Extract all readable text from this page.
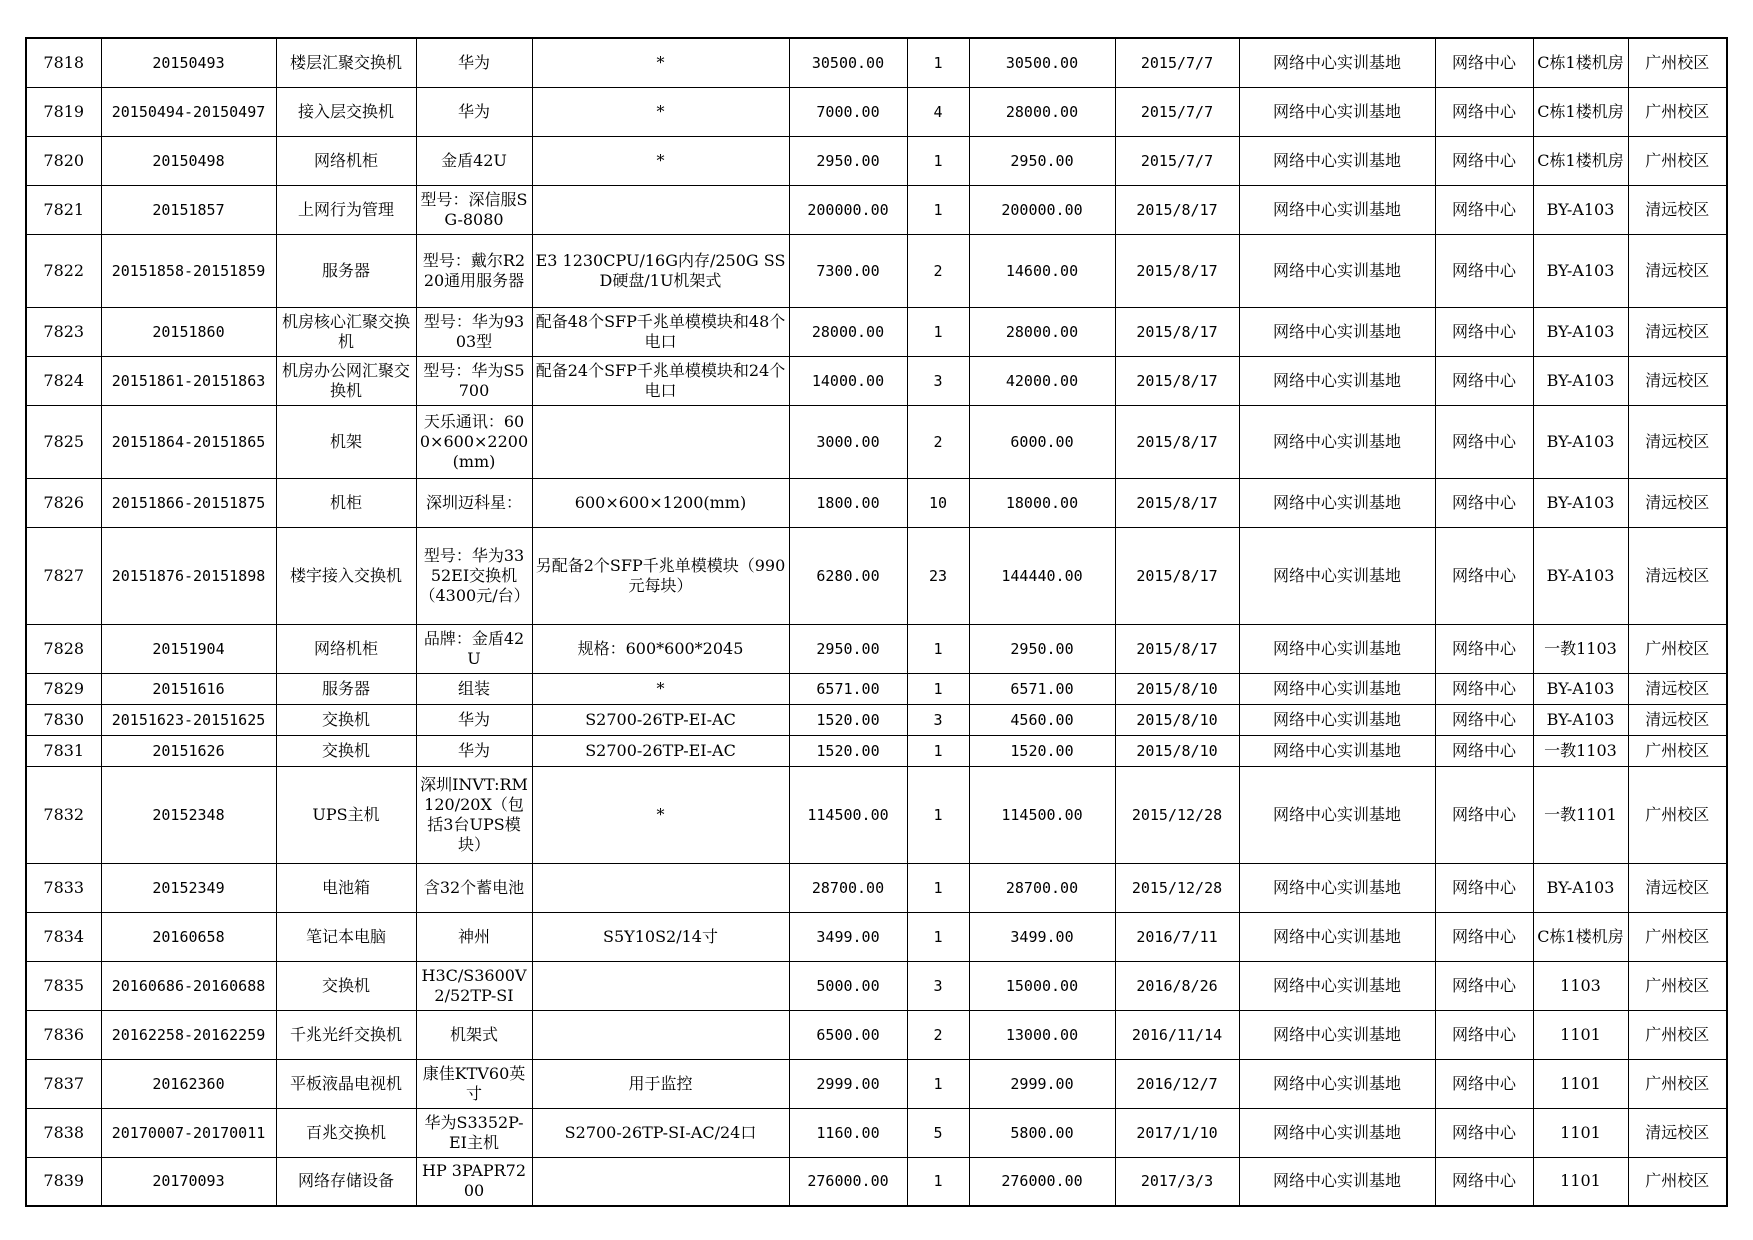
7818	20150493	楼层汇聚交换机	华为	*	30500.00	1	30500.00	2015/7/7	网络中心实训基地	网络中心	C栋1楼机房	广州校区
7819	20150494-20150497	接入层交换机	华为	*	7000.00	4	28000.00	2015/7/7	网络中心实训基地	网络中心	C栋1楼机房	广州校区
7820	20150498	网络机柜	金盾42U	*	2950.00	1	2950.00	2015/7/7	网络中心实训基地	网络中心	C栋1楼机房	广州校区
7821	20151857	上网行为管理	型号：深信服SG-8080		200000.00	1	200000.00	2015/8/17	网络中心实训基地	网络中心	BY-A103	清远校区
7822	20151858-20151859	服务器	型号：戴尔R220通用服务器	E3 1230CPU/16G内存/250G SSD硬盘/1U机架式	7300.00	2	14600.00	2015/8/17	网络中心实训基地	网络中心	BY-A103	清远校区
7823	20151860	机房核心汇聚交换机	型号：华为9303型	配备48个SFP千兆单模模块和48个电口	28000.00	1	28000.00	2015/8/17	网络中心实训基地	网络中心	BY-A103	清远校区
7824	20151861-20151863	机房办公网汇聚交换机	型号：华为S5700	配备24个SFP千兆单模模块和24个电口	14000.00	3	42000.00	2015/8/17	网络中心实训基地	网络中心	BY-A103	清远校区
7825	20151864-20151865	机架	天乐通讯：600×600×2200(mm)		3000.00	2	6000.00	2015/8/17	网络中心实训基地	网络中心	BY-A103	清远校区
7826	20151866-20151875	机柜	深圳迈科星：	600×600×1200(mm)	1800.00	10	18000.00	2015/8/17	网络中心实训基地	网络中心	BY-A103	清远校区
7827	20151876-20151898	楼宇接入交换机	型号：华为3352EI交换机（4300元/台）	另配备2个SFP千兆单模模块（990元每块）	6280.00	23	144440.00	2015/8/17	网络中心实训基地	网络中心	BY-A103	清远校区
7828	20151904	网络机柜	品牌：金盾42U	规格：600*600*2045	2950.00	1	2950.00	2015/8/17	网络中心实训基地	网络中心	一教1103	广州校区
7829	20151616	服务器	组装	*	6571.00	1	6571.00	2015/8/10	网络中心实训基地	网络中心	BY-A103	清远校区
7830	20151623-20151625	交换机	华为	S2700-26TP-EI-AC	1520.00	3	4560.00	2015/8/10	网络中心实训基地	网络中心	BY-A103	清远校区
7831	20151626	交换机	华为	S2700-26TP-EI-AC	1520.00	1	1520.00	2015/8/10	网络中心实训基地	网络中心	一教1103	广州校区
7832	20152348	UPS主机	深圳INVT:RM120/20X（包括3台UPS模块）	*	114500.00	1	114500.00	2015/12/28	网络中心实训基地	网络中心	一教1101	广州校区
7833	20152349	电池箱	含32个蓄电池		28700.00	1	28700.00	2015/12/28	网络中心实训基地	网络中心	BY-A103	清远校区
7834	20160658	笔记本电脑	神州	S5Y10S2/14寸	3499.00	1	3499.00	2016/7/11	网络中心实训基地	网络中心	C栋1楼机房	广州校区
7835	20160686-20160688	交换机	H3C/S3600V2/52TP-SI		5000.00	3	15000.00	2016/8/26	网络中心实训基地	网络中心	1103	广州校区
7836	20162258-20162259	千兆光纤交换机	机架式		6500.00	2	13000.00	2016/11/14	网络中心实训基地	网络中心	1101	广州校区
7837	20162360	平板液晶电视机	康佳KTV60英寸	用于监控	2999.00	1	2999.00	2016/12/7	网络中心实训基地	网络中心	1101	广州校区
7838	20170007-20170011	百兆交换机	华为S3352P-EI主机	S2700-26TP-SI-AC/24口	1160.00	5	5800.00	2017/1/10	网络中心实训基地	网络中心	1101	清远校区
7839	20170093	网络存储设备	HP 3PAPR7200		276000.00	1	276000.00	2017/3/3	网络中心实训基地	网络中心	1101	广州校区
